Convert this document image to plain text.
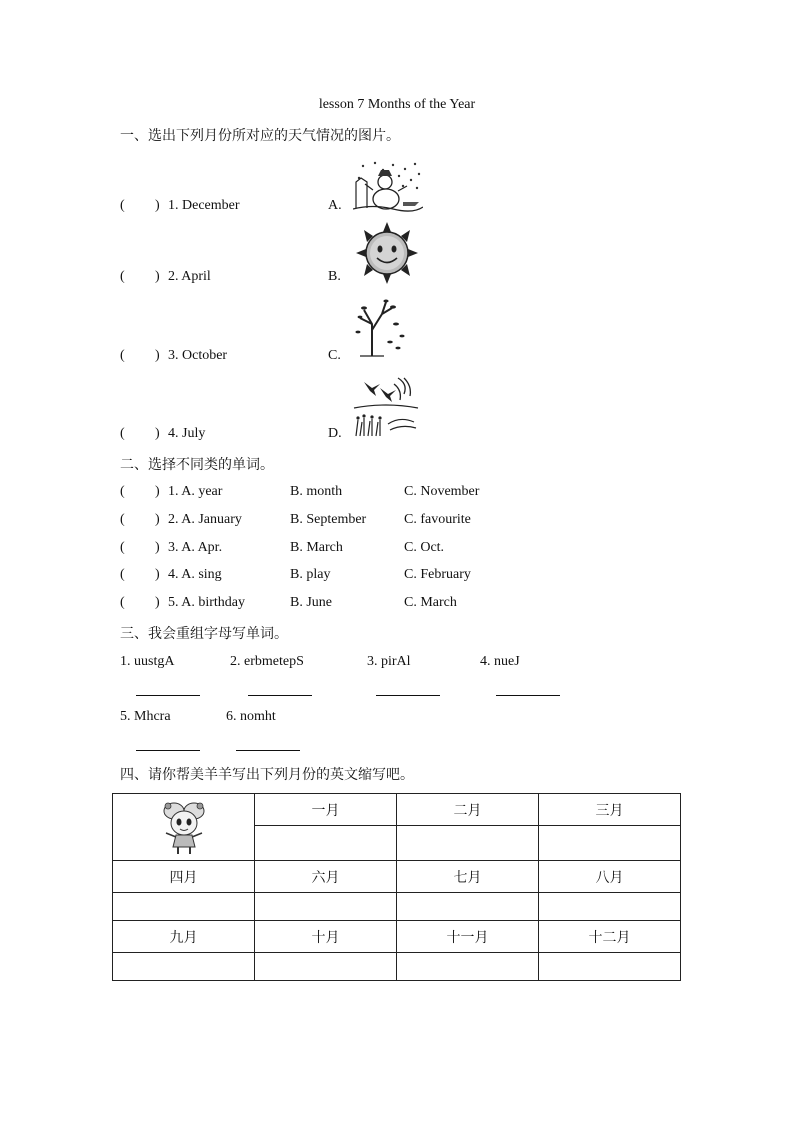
lesson 7 Months of the Year
一、选出下列月份所对应的天气情况的图片。
( ) 1. December	A.
( ) 2. April	B.
( ) 3. October	C.
( ) 4. July	D.
二、选择不同类的单词。
( ) 1. A. year	B. month	C. November
( ) 2. A. January	B. September	C. favourite
( ) 3. A. Apr.	B. March	C. Oct.
( ) 4. A. sing	B. play	C. February
( ) 5. A. birthday	B. June	C. March
三、我会重组字母写单词。
1. uustgA	2. erbmetepS	3. pirAl	4. nueJ
5. Mhcra	6. nomht
四、请你帮美羊羊写出下列月份的英文缩写吧。
	一月	二月	三月

四月	六月	七月	八月

九月	十月	十一月	十二月
